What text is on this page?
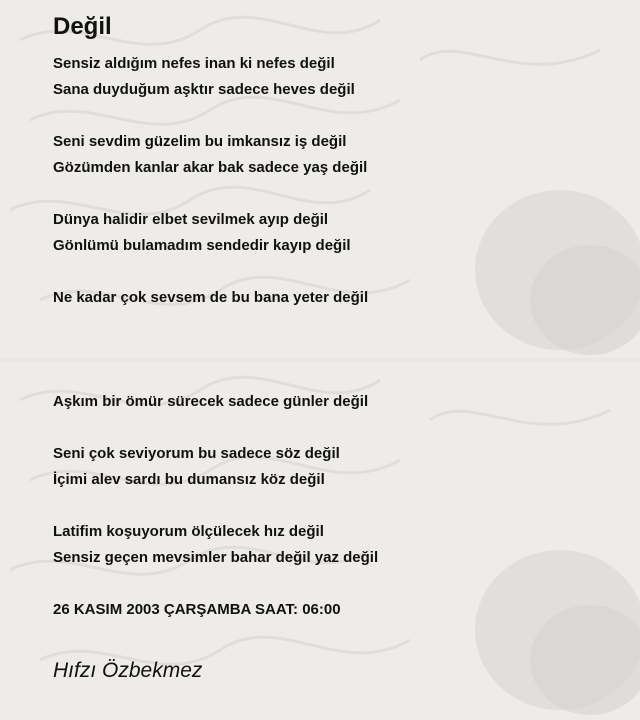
Değil
Sensiz aldığım nefes inan ki nefes değil
Sana duyduğum aşktır sadece heves değil
Seni sevdim güzelim bu imkansız iş değil
Gözümden kanlar akar bak sadece yaş değil
Dünya halidir elbet sevilmek ayıp değil
Gönlümü bulamadım sendedir kayıp değil
Ne kadar çok sevsem de bu bana yeter değil
Aşkım bir ömür sürecek sadece günler değil
Seni çok seviyorum bu sadece söz değil
İçimi alev sardı bu dumansız köz değil
Latifim koşuyorum ölçülecek hız değil
Sensiz geçen mevsimler bahar değil yaz değil
26 KASIM 2003 ÇARŞAMBA SAAT: 06:00
Hıfzı Özbekmez
